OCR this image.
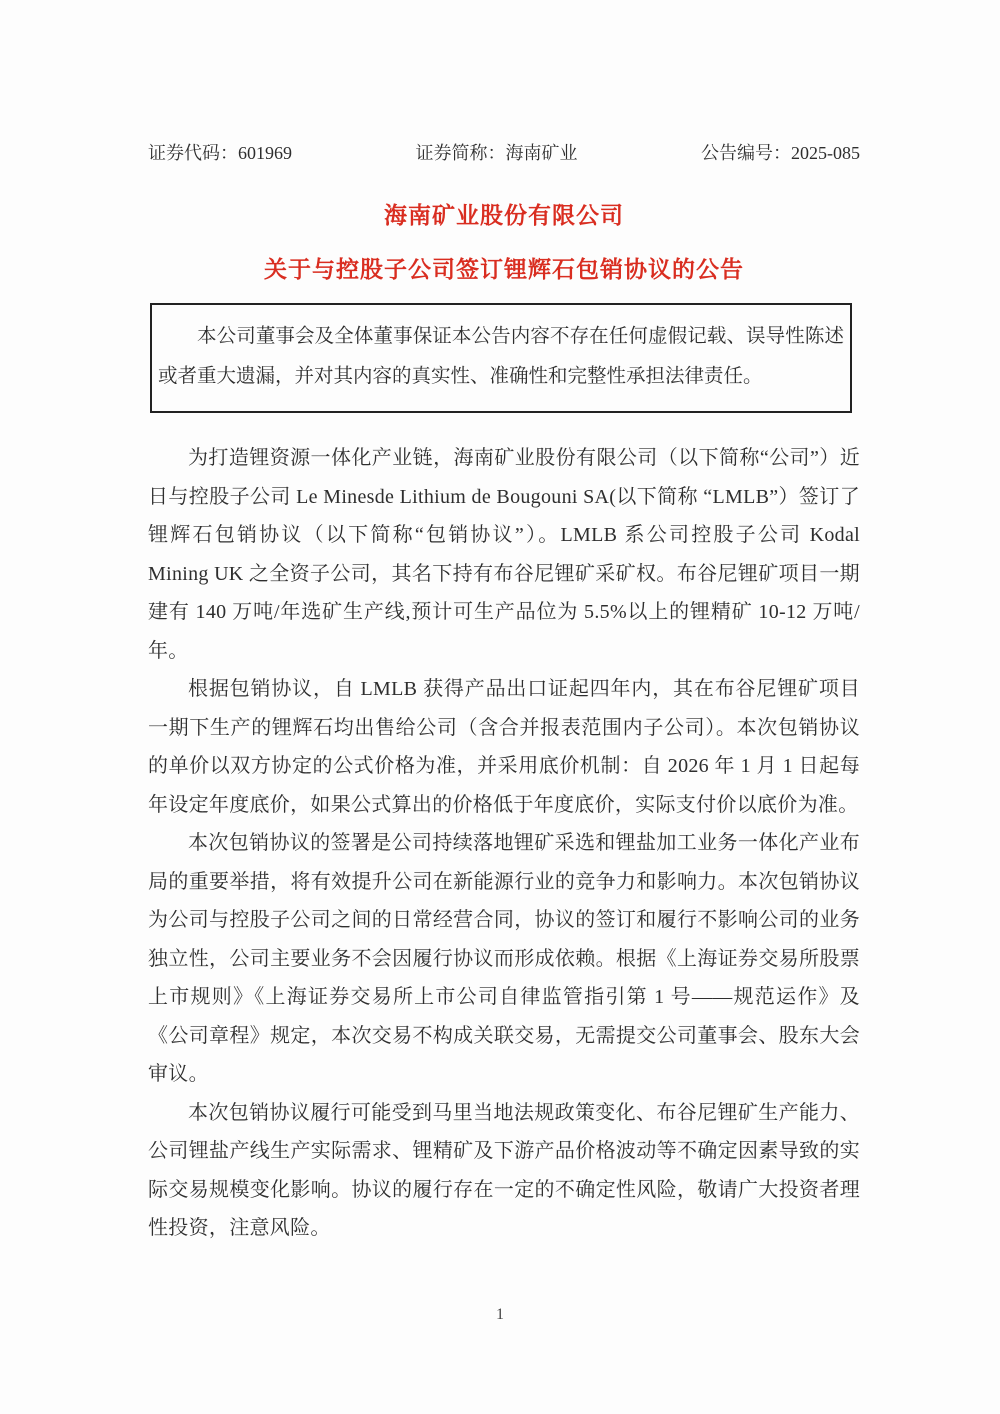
证券代码：601969	证券简称：海南矿业	公告编号：2025-085
海南矿业股份有限公司
关于与控股子公司签订锂辉石包销协议的公告

本公司董事会及全体董事保证本公告内容不存在任何虚假记载、误导性陈述或者重大遗漏，并对其内容的真实性、准确性和完整性承担法律责任。

为打造锂资源一体化产业链，海南矿业股份有限公司（以下简称“公司”）近日与控股子公司 Le Minesde Lithium de Bougouni SA(以下简称 “LMLB”）签订了锂辉石包销协议（以下简称“包销协议”）。LMLB 系公司控股子公司 Kodal Mining UK 之全资子公司，其名下持有布谷尼锂矿采矿权。布谷尼锂矿项目一期建有 140 万吨/年选矿生产线,预计可生产品位为 5.5%以上的锂精矿 10-12 万吨/年。

根据包销协议，自 LMLB 获得产品出口证起四年内，其在布谷尼锂矿项目一期下生产的锂辉石均出售给公司（含合并报表范围内子公司）。本次包销协议的单价以双方协定的公式价格为准，并采用底价机制：自 2026 年 1 月 1 日起每年设定年度底价，如果公式算出的价格低于年度底价，实际支付价以底价为准。

本次包销协议的签署是公司持续落地锂矿采选和锂盐加工业务一体化产业布局的重要举措，将有效提升公司在新能源行业的竞争力和影响力。本次包销协议为公司与控股子公司之间的日常经营合同，协议的签订和履行不影响公司的业务独立性，公司主要业务不会因履行协议而形成依赖。根据《上海证券交易所股票上市规则》《上海证券交易所上市公司自律监管指引第 1 号——规范运作》及《公司章程》规定，本次交易不构成关联交易，无需提交公司董事会、股东大会审议。

本次包销协议履行可能受到马里当地法规政策变化、布谷尼锂矿生产能力、公司锂盐产线生产实际需求、锂精矿及下游产品价格波动等不确定因素导致的实际交易规模变化影响。协议的履行存在一定的不确定性风险，敬请广大投资者理性投资，注意风险。

1
